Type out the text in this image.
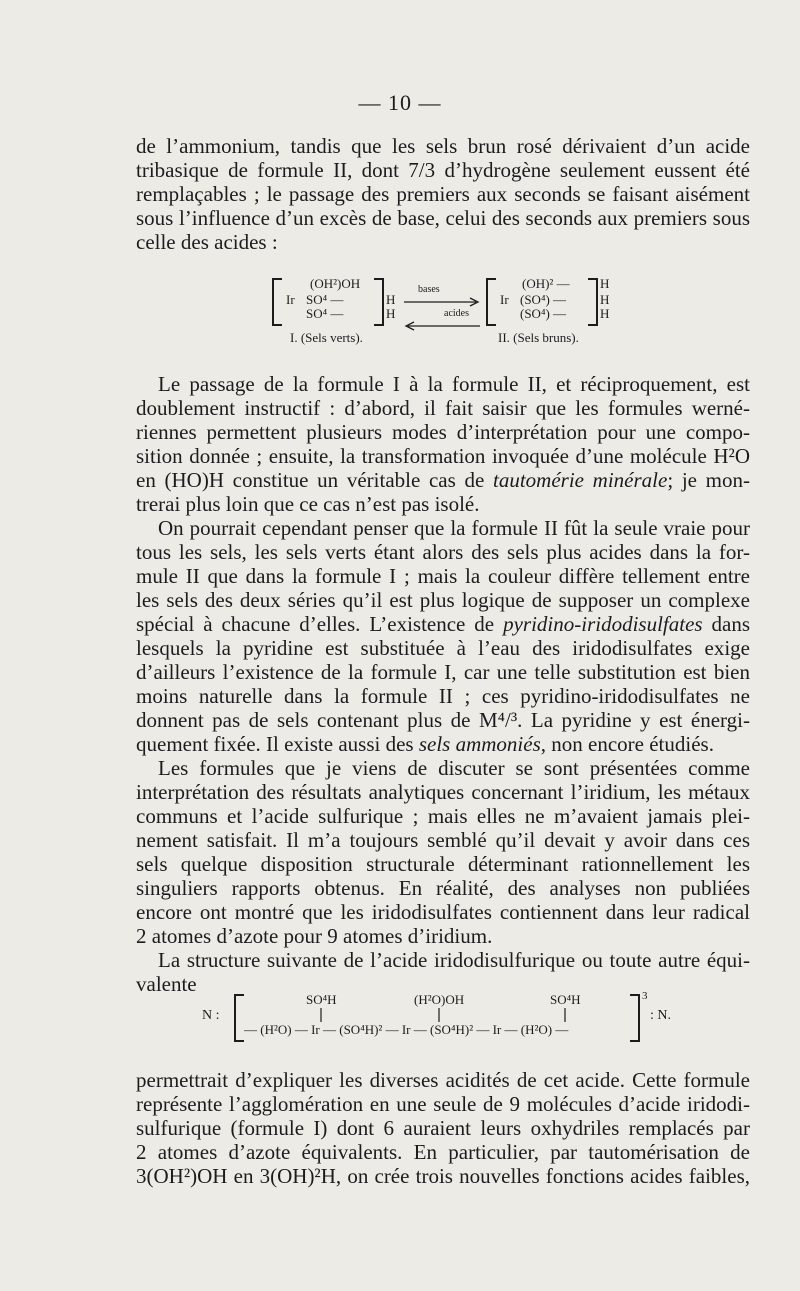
— 10 —
de l’ammonium, tandis que les sels brun rosé dérivaient d’un acide
tribasique de formule II, dont 7/3 d’hydrogène seulement eussent été
remplaçables ; le passage des premiers aux seconds se faisant aisément
sous l’influence d’un excès de base, celui des seconds aux premiers sous
celle des acides :
(OH²)OH
Ir SO⁴ —
SO⁴ —
H
H
I. (Sels verts).
bases
acides
(OH)² —
Ir (SO⁴) —
(SO⁴) —
H
H
H
II. (Sels bruns).
Le passage de la formule I à la formule II, et réciproquement, est
doublement instructif : d’abord, il fait saisir que les formules werné-
riennes permettent plusieurs modes d’interprétation pour une compo-
sition donnée ; ensuite, la transformation invoquée d’une molécule H²O
en (HO)H constitue un véritable cas de tautomérie minérale; je mon-
trerai plus loin que ce cas n’est pas isolé.
On pourrait cependant penser que la formule II fût la seule vraie pour
tous les sels, les sels verts étant alors des sels plus acides dans la for-
mule II que dans la formule I ; mais la couleur diffère tellement entre
les sels des deux séries qu’il est plus logique de supposer un complexe
spécial à chacune d’elles. L’existence de pyridino-iridodisulfates dans
lesquels la pyridine est substituée à l’eau des iridodisulfates exige
d’ailleurs l’existence de la formule I, car une telle substitution est bien
moins naturelle dans la formule II ; ces pyridino-iridodisulfates ne
donnent pas de sels contenant plus de M⁴/³. La pyridine y est énergi-
quement fixée. Il existe aussi des sels ammoniés, non encore étudiés.
Les formules que je viens de discuter se sont présentées comme
interprétation des résultats analytiques concernant l’iridium, les métaux
communs et l’acide sulfurique ; mais elles ne m’avaient jamais plei-
nement satisfait. Il m’a toujours semblé qu’il devait y avoir dans ces
sels quelque disposition structurale déterminant rationnellement les
singuliers rapports obtenus. En réalité, des analyses non publiées
encore ont montré que les iridodisulfates contiennent dans leur radical
2 atomes d’azote pour 9 atomes d’iridium.
La structure suivante de l’acide iridodisulfurique ou toute autre équi-
valente
N :
SO⁴H	(H²O)OH	SO⁴H
— (H²O) — Ir — (SO⁴H)² — Ir — (SO⁴H)² — Ir — (H²O) —
3
: N.
permettrait d’expliquer les diverses acidités de cet acide. Cette formule
représente l’agglomération en une seule de 9 molécules d’acide iridodi-
sulfurique (formule I) dont 6 auraient leurs oxhydriles remplacés par
2 atomes d’azote équivalents. En particulier, par tautomérisation de
3(OH²)OH en 3(OH)²H, on crée trois nouvelles fonctions acides faibles,
